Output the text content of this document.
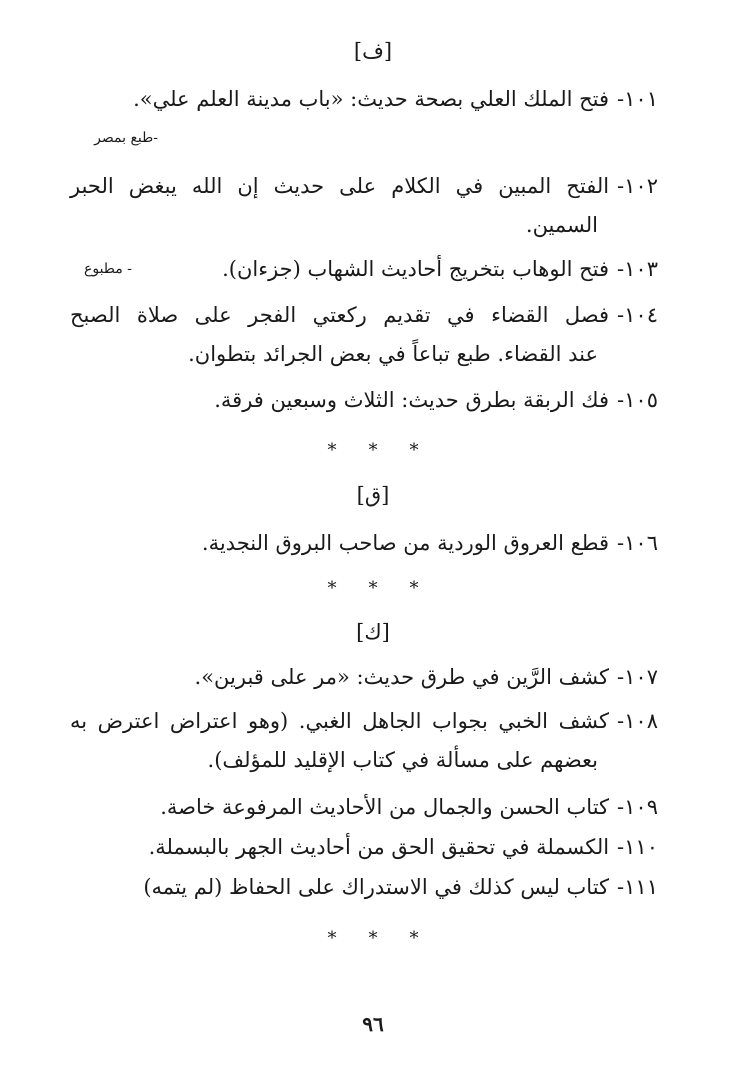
[ف]
١٠١-فتح الملك العلي بصحة حديث: «باب مدينة العلم علي».
-طبع بمصر
١٠٢-الفتح المبين في الكلام على حديث إن الله يبغض الحبر
السمين.
١٠٣-فتح الوهاب بتخريج أحاديث الشهاب (جزءان).
- مطبوع
١٠٤-فصل القضاء في تقديم ركعتي الفجر على صلاة الصبح
عند القضاء. طبع تباعاً في بعض الجرائد بتطوان.
١٠٥-فك الربقة بطرق حديث: الثلاث وسبعين فرقة.
* * *
[ق]
١٠٦-قطع العروق الوردية من صاحب البروق النجدية.
* * *
[ك]
١٠٧-كشف الرَّين في طرق حديث: «مر على قبرين».
١٠٨-كشف الخبي بجواب الجاهل الغبي. (وهو اعتراض اعترض به
بعضهم على مسألة في كتاب الإقليد للمؤلف).
١٠٩-كتاب الحسن والجمال من الأحاديث المرفوعة خاصة.
١١٠-الكسملة في تحقيق الحق من أحاديث الجهر بالبسملة.
١١١-كتاب ليس كذلك في الاستدراك على الحفاظ (لم يتمه)
* * *
٩٦
